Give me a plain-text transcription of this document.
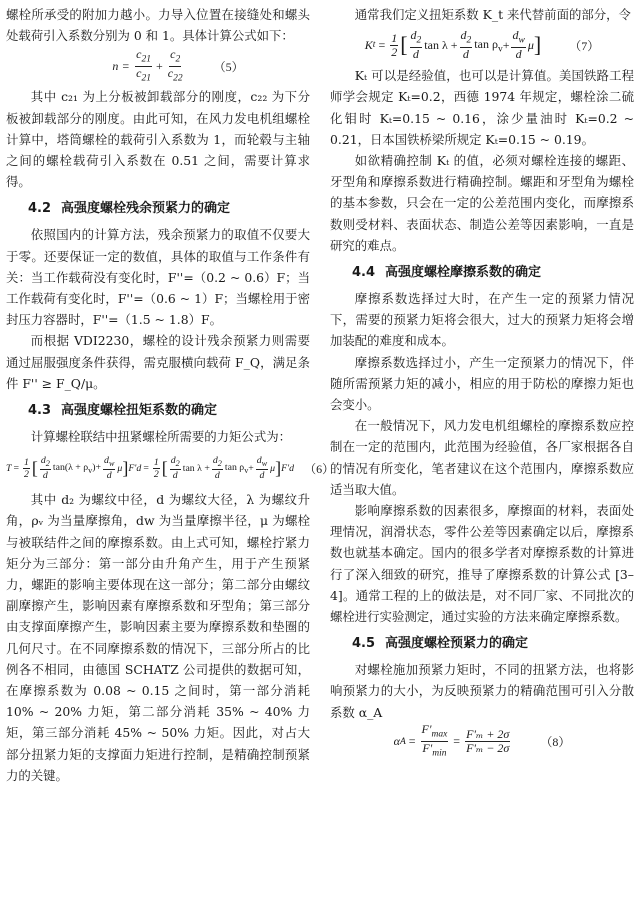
螺栓所承受的附加力越小。力导入位置在接缝处和螺头处载荷引入系数分别为 0 和 1。具体计算公式如下：

$n = \frac{c_{21}}{c_{21}} + \frac{c_2}{c_{22}}$	（5）

其中 c₂₁ 为上分板被卸载部分的刚度，c₂₂ 为下分板被卸载部分的刚度。由此可知，在风力发电机组螺栓计算中，塔筒螺栓的载荷引入系数为 1，而轮毂与主轴之间的螺栓载荷引入系数在 0.51 之间，需要计算求得。

4.2 高强度螺栓残余预紧力的确定

依照国内的计算方法，残余预紧力的取值不仅要大于零。还要保证一定的数值，具体的取值与工作条件有关：当工作载荷没有变化时，F''=（0.2 ~ 0.6）F；当工作载荷有变化时，F''=（0.6 ~ 1）F；当螺栓用于密封压力容器时，F''=（1.5 ~ 1.8）F。

而根据 VDI2230，螺栓的设计残余预紧力则需要通过屈服强度条件获得，需克服横向载荷 F_Q，满足条件 F'' ≥ F_Q/μ。

4.3 高强度螺栓扭矩系数的确定

计算螺栓联结中扭紧螺栓所需要的力矩公式为：

$T = \frac{1}{2}$ [ $\frac{d_2}{d} \tan(\lambda + \rho_v)+ \frac{d_w}{d}$ μ ] $F'd = \frac{1}{2}$ [ $\frac{d_2}{d}$ $\tan \lambda + \frac{d_2}{d}$ $\tan \rho_v + \frac{d_w}{d}$ μ ] F'd （6）

其中 d₂ 为螺纹中径，d 为螺纹大径，λ 为螺纹升角，ρᵥ 为当量摩擦角，dw 为当量摩擦半径，μ 为螺栓与被联结件之间的摩擦系数。由上式可知，螺栓拧紧力矩分为三部分：第一部分由升角产生，用于产生预紧力，螺距的影响主要体现在这一部分；第二部分由螺纹副摩擦产生，影响因素有摩擦系数和牙型角；第三部分由支撑面摩擦产生，影响因素主要为摩擦系数和垫圈的几何尺寸。在不同摩擦系数的情况下，三部分所占的比例各不相同，由德国 SCHATZ 公司提供的数据可知，在摩擦系数为 0.08 ~ 0.15 之间时，第一部分消耗 10% ~ 20% 力矩，第二部分消耗 35% ~ 40% 力矩，第三部分消耗 45% ~ 50% 力矩。因此，对占大部分扭紧力矩的支撑面力矩进行控制，是精确控制预紧力的关键。

通常我们定义扭矩系数 K_t 来代替前面的部分，令

K $t = \frac{1}{2}$ [ $\frac{d_2}{d}$ $\tan \lambda + \frac{d_2}{d}$ $\tan \rho_v + \frac{d_w}{d}$ μ ] （7）

Kₜ 可以是经验值，也可以是计算值。美国铁路工程师学会规定 Kₜ=0.2，西德 1974 年规定，螺栓涂二硫化钼时 Kₜ=0.15 ~ 0.16，涂少量油时 Kₜ=0.2 ~ 0.21，日本国铁桥梁所规定 Kₜ=0.15 ~ 0.19。

如欲精确控制 Kₜ 的值，必须对螺栓连接的螺距、牙型角和摩擦系数进行精确控制。螺距和牙型角为螺栓的基本参数，只会在一定的公差范围内变化，而摩擦系数则受材料、表面状态、制造公差等因素影响，一直是研究的难点。

4.4 高强度螺栓摩擦系数的确定

摩擦系数选择过大时，在产生一定的预紧力情况下，需要的预紧力矩将会很大，过大的预紧力矩将会增加装配的难度和成本。

摩擦系数选择过小，产生一定预紧力的情况下，伴随所需预紧力矩的减小，相应的用于防松的摩擦力矩也会变小。

在一般情况下，风力发电机组螺栓的摩擦系数应控制在一定的范围内，此范围为经验值，各厂家根据各自的情况有所变化，笔者建议在这个范围内，摩擦系数应适当取大值。

影响摩擦系数的因素很多，摩擦面的材料，表面处理情况，润滑状态，零件公差等因素确定以后，摩擦系数也就基本确定。国内的很多学者对摩擦系数的计算进行了深入细致的研究，推导了摩擦系数的计算公式 [3–4]。通常工程的上的做法是，对不同厂家、不同批次的螺栓进行实验测定，通过实验的方法来确定摩擦系数。

4.5 高强度螺栓预紧力的确定

对螺栓施加预紧力矩时，不同的扭紧方法，也将影响预紧力的大小，为反映预紧力的精确范围可引入分散系数 α_A

α $A = \frac{F'_{max}}{F'_{min}} = \frac{\text{F'ₘ + 2σ}}{\text{F'ₘ − 2σ}}$	（8）
